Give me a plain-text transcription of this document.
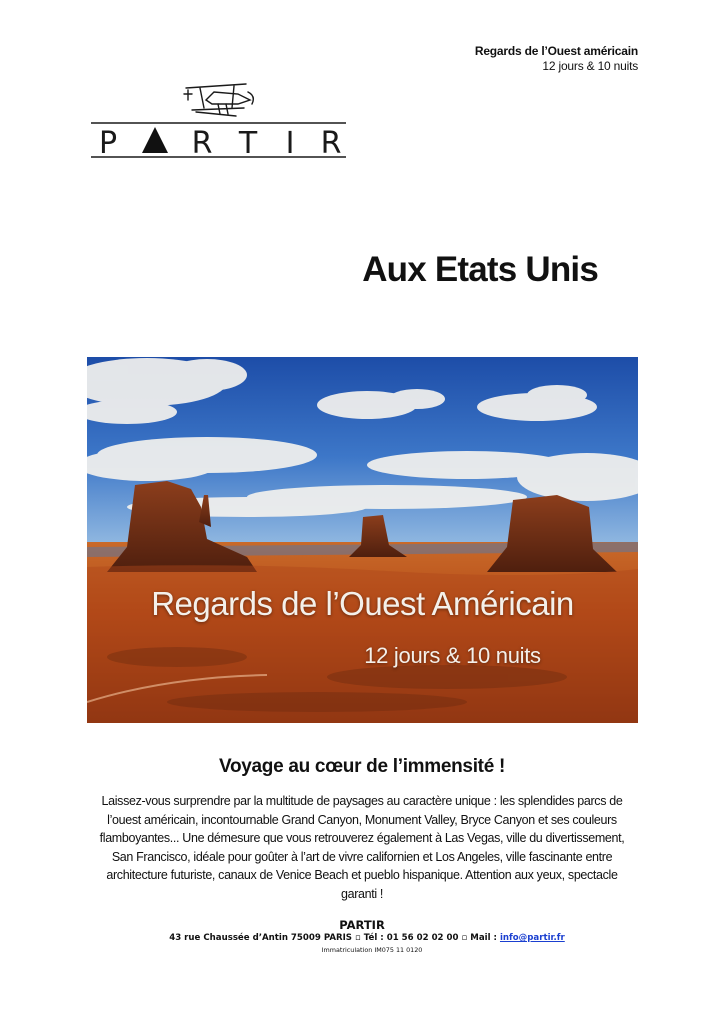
Regards de l’Ouest américain
12 jours & 10 nuits
P R T I R
Aux Etats Unis
Regards de l’Ouest Américain
12 jours & 10 nuits
Voyage au cœur de l’immensité !

Laissez-vous surprendre par la multitude de paysages au caractère unique : les splendides parcs de l’ouest américain, incontournable Grand Canyon, Monument Valley, Bryce Canyon et ses couleurs flamboyantes... Une démesure que vous retrouverez également à Las Vegas, ville du divertissement, San Francisco, idéale pour goûter à l’art de vivre californien et Los Angeles, ville fascinante entre architecture futuriste, canaux de Venice Beach et pueblo hispanique. Attention aux yeux, spectacle garanti !

PARTIR
43 rue Chaussée d’Antin 75009 PARIS ▫ Tél : 01 56 02 02 00 ▫ Mail : info@partir.fr
Immatriculation IM075 11 0120
